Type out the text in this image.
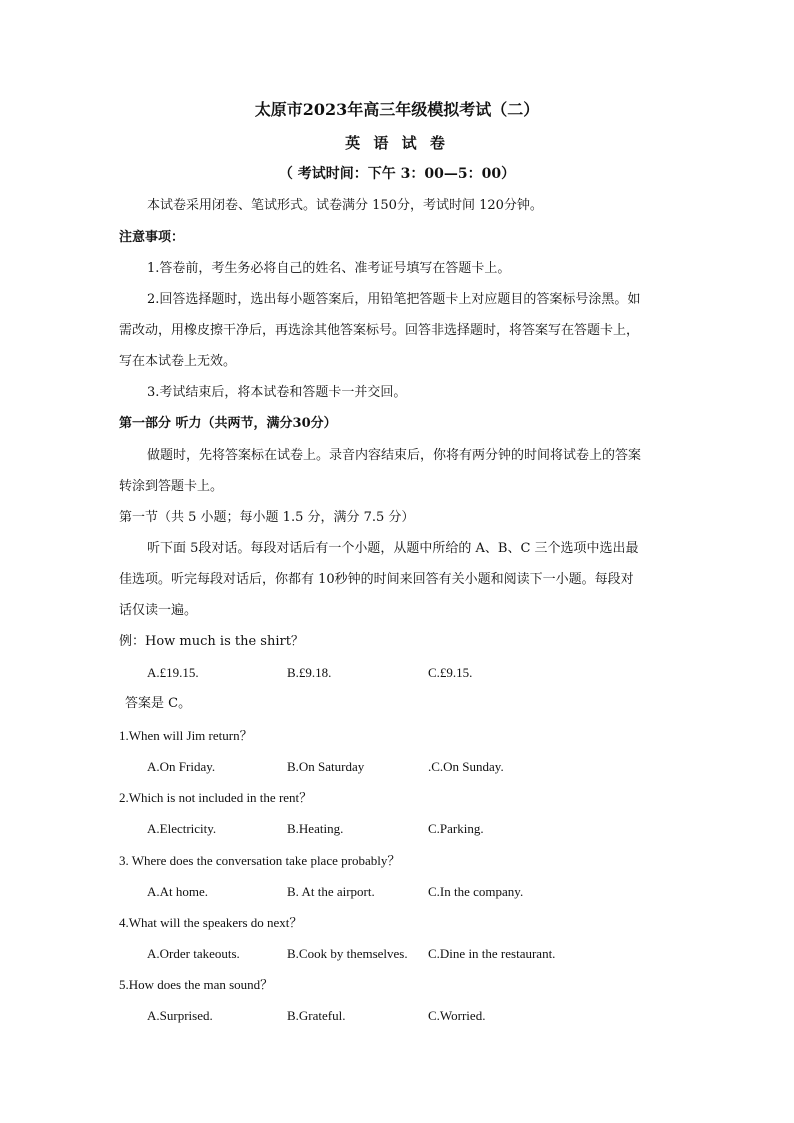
太原市2023年高三年级模拟考试（二）
英 语 试 卷
（ 考试时间：下午 3：00—5：00）
本试卷采用闭卷、笔试形式。试卷满分 150分，考试时间 120分钟。
注意事项：
1.答卷前，考生务必将自己的姓名、准考证号填写在答题卡上。
2.回答选择题时，选出每小题答案后，用铅笔把答题卡上对应题目的答案标号涂黑。如
需改动，用橡皮擦干净后，再选涂其他答案标号。回答非选择题时，将答案写在答题卡上，
写在本试卷上无效。
3.考试结束后，将本试卷和答题卡一并交回。
第一部分 听力（共两节，满分30分）
做题时，先将答案标在试卷上。录音内容结束后，你将有两分钟的时间将试卷上的答案
转涂到答题卡上。
第一节（共 5 小题；每小题 1.5 分，满分 7.5 分）
听下面 5段对话。每段对话后有一个小题，从题中所给的 A、B、C 三个选项中选出最
佳选项。听完每段对话后，你都有 10秒钟的时间来回答有关小题和阅读下一小题。每段对
话仅读一遍。
例：How much is the shirt？
A.£19.15.	B.£9.18.	C.£9.15.
答案是 C。
1.When will Jim return？
A.On Friday.	B.On Saturday	.C.On Sunday.
2.Which is not included in the rent？
A.Electricity.	B.Heating.	C.Parking.
3. Where does the conversation take place probably？
A.At home.	B. At the airport.	C.In the company.
4.What will the speakers do next？
A.Order takeouts.	B.Cook by themselves. C.Dine in the restaurant.
5.How does the man sound？
A.Surprised.	B.Grateful.	C.Worried.
